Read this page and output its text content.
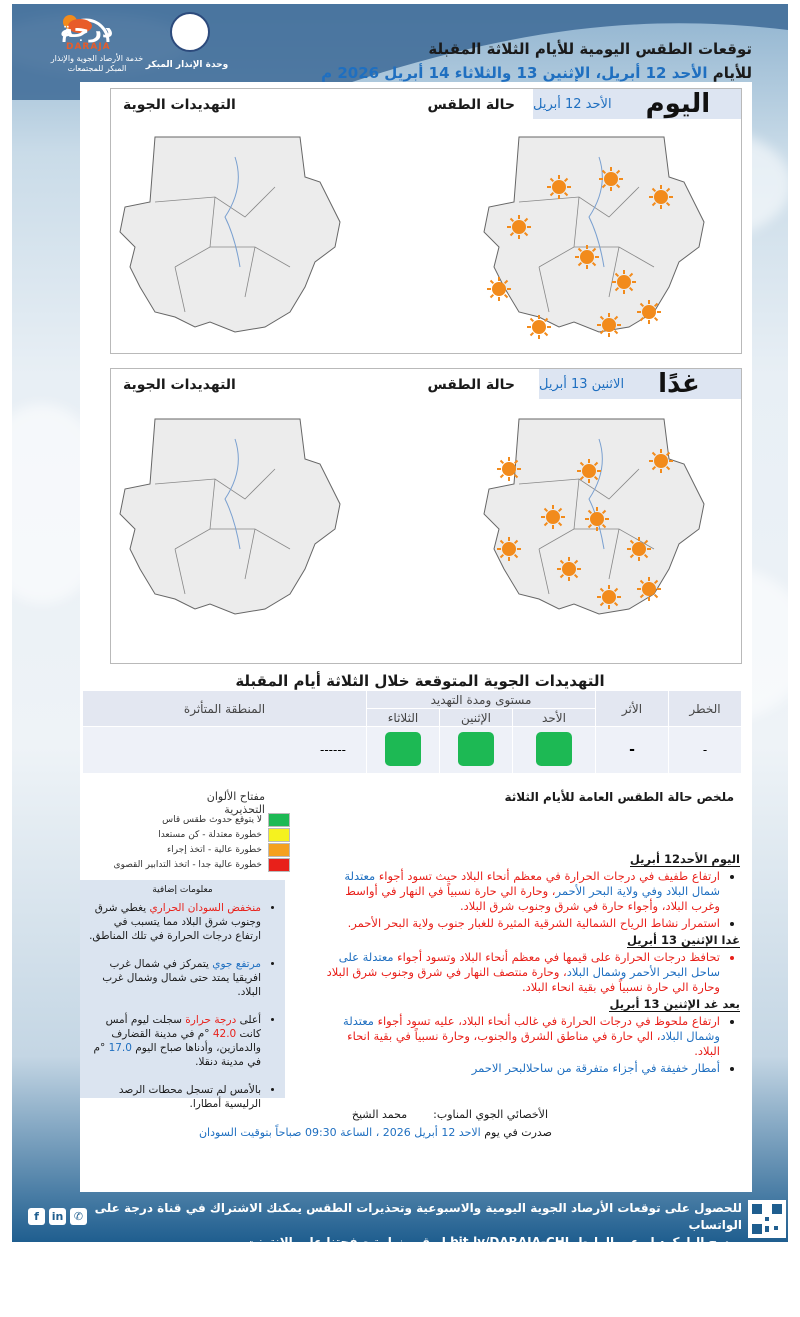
درجة
DARAJA
خدمة الأرصاد الجوية والإنذار المبكر للمجتمعات	وحدة الإنذار المبكر
توقعات الطقس اليومية للأيام الثلاثة المقبلة
للأيام الأحد 12 أبريل، الإثنين 13 والثلاثاء 14 أبريل 2026 م
اليوم
الأحد 12 أبريل
حالة الطقس
التهديدات الجوية
غدًا
الاثنين 13 أبريل
حالة الطقس
التهديدات الجوية
التهديدات الجوية المتوقعة خلال الثلاثة أيام المقبلة
الخطر	الأثر	مستوى ومدة التهديد			المنطقة المتأثرة
		الأحد	الإثنين	الثلاثاء	
-	-				------
مفتاح الألوان التحذيرية
لا يتوقع حدوث طقس قاس
خطورة معتدلة - كن مستعدا
خطورة عالية - اتخذ إجراء
خطورة عالية جدا - اتخذ التدابير القصوى
معلومات إضافية
• منخفض السودان الحراري يغطي شرق وجنوب شرق البلاد مما يتسبب في ارتفاع درجات الحرارة في تلك المناطق.
• مرتفع جوي يتمركز في شمال غرب افريقيا يمتد حتى شمال وشمال غرب البلاد.
• أعلى درجة حرارة سجلت ليوم أمس كانت 42.0 °م في مدينة القضارف والدمازين، وأدناها صباح اليوم 17.0 °م في مدينة دنقلا.
• بالأمس لم تسجل محطات الرصد الرليسية أمطارا.
ملخص حالة الطقس العامة للأيام الثلاثة
اليوم الأحد12 أبريل
• ارتفاع طفيف في درجات الحرارة في معظم أنحاء البلاد حيث تسود أجواء معتدلة شمال البلاد وفي ولاية البحر الأحمر، وحارة الي حارة نسبياً في النهار في أواسط وغرب البلاد، وأجواء حارة في شرق وجنوب شرق البلاد.
• استمرار نشاط الرياح الشمالية الشرقية المثيرة للغبار جنوب ولاية البحر الأحمر.
غدا الإثنين 13 أبريل
• تحافظ درجات الحرارة على قيمها في معظم أنحاء البلاد وتسود أجواء معتدلة على ساحل البحر الأحمر وشمال البلاد، وحارة منتصف النهار في شرق وجنوب شرق البلاد وحارة الي حارة نسبياً في بقية انحاء البلاد.
بعد غد الإثنين 13 أبريل
• ارتفاع ملحوظ في درجات الحرارة في غالب أنحاء البلاد، عليه تسود أجواء معتدلة وشمال البلاد، الي حارة في مناطق الشرق والجنوب، وحارة نسبياً في بقية انحاء البلاد.
• أمطار خفيفة في أجزاء متفرقة من ساحلالبحر الاحمر
الأخصائي الجوي المناوب:
محمد الشيخ
صدرت في يوم الاحد 12 أبريل 2026 ، الساعة 09:30 صباحاً بتوقيت السودان
للحصول على توقعات الأرصاد الجوية اليومية والاسبوعية وتحذيرات الطقس يمكنك الاشتراك في قناة درجة على الواتساب
بمسح الباركود او عبر الرابط bit.ly/DARAJA-CHL او قم بزيارة صفحتنا على الانترنت https://meteosudan.sd/products/خدمة-درجة
f	in ✆
